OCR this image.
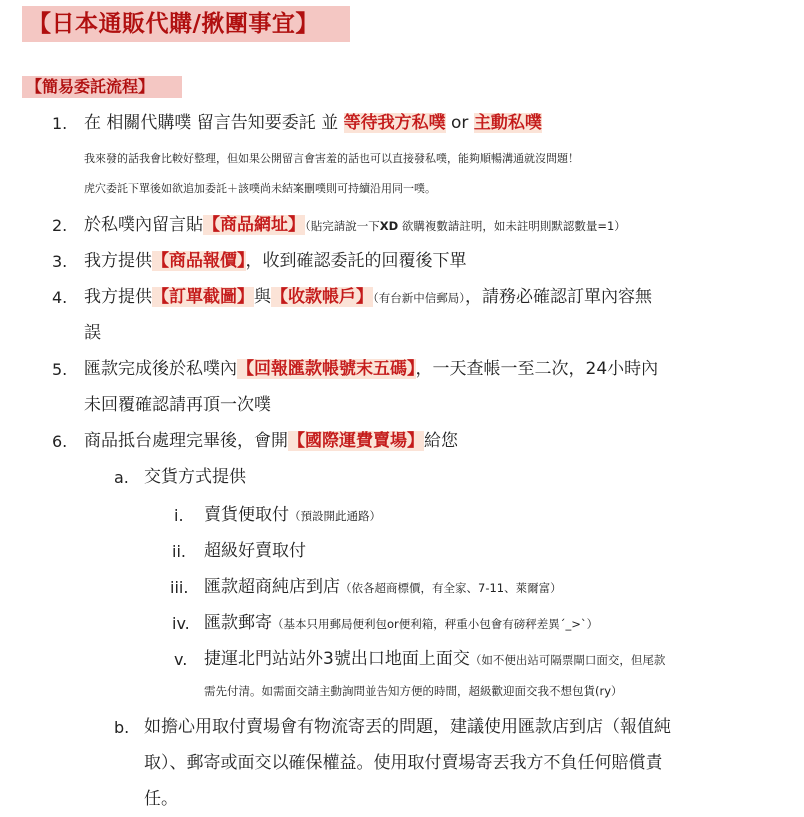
【日本通販代購/揪團事宜】
【簡易委託流程】
1. 在 相關代購噗 留言告知要委託 並 等待我方私噗 or 主動私噗
我來發的話我會比較好整理，但如果公開留言會害羞的話也可以直接發私噗，能夠順暢溝通就沒問題！
虎穴委託下單後如欲追加委託＋該噗尚未結案刪噗則可持續沿用同一噗。
2. 於私噗內留言貼【商品網址】（貼完請說一下XD 欲購複數請註明，如未註明則默認數量=1）
3. 我方提供【商品報價】，收到確認委託的回覆後下單
4. 我方提供【訂單截圖】與【收款帳戶】（有台新中信郵局），請務必確認訂單內容無
誤
5. 匯款完成後於私噗內【回報匯款帳號末五碼】，一天查帳一至二次，24小時內
未回覆確認請再頂一次噗
6. 商品抵台處理完畢後，會開【國際運費賣場】給您
a. 交貨方式提供
i. 賣貨便取付（預設開此通路）
ii. 超級好賣取付
iii. 匯款超商純店到店（依各超商標價，有全家、7-11、萊爾富）
iv. 匯款郵寄（基本只用郵局便利包or便利箱，秤重小包會有磅秤差異´_>`）
v. 捷運北門站站外3號出口地面上面交（如不便出站可隔票閘口面交，但尾款
需先付清。如需面交請主動詢問並告知方便的時間，超級歡迎面交我不想包貨(ry）
b. 如擔心用取付賣場會有物流寄丟的問題，建議使用匯款店到店（報值純
取）、郵寄或面交以確保權益。使用取付賣場寄丟我方不負任何賠償責
任。
